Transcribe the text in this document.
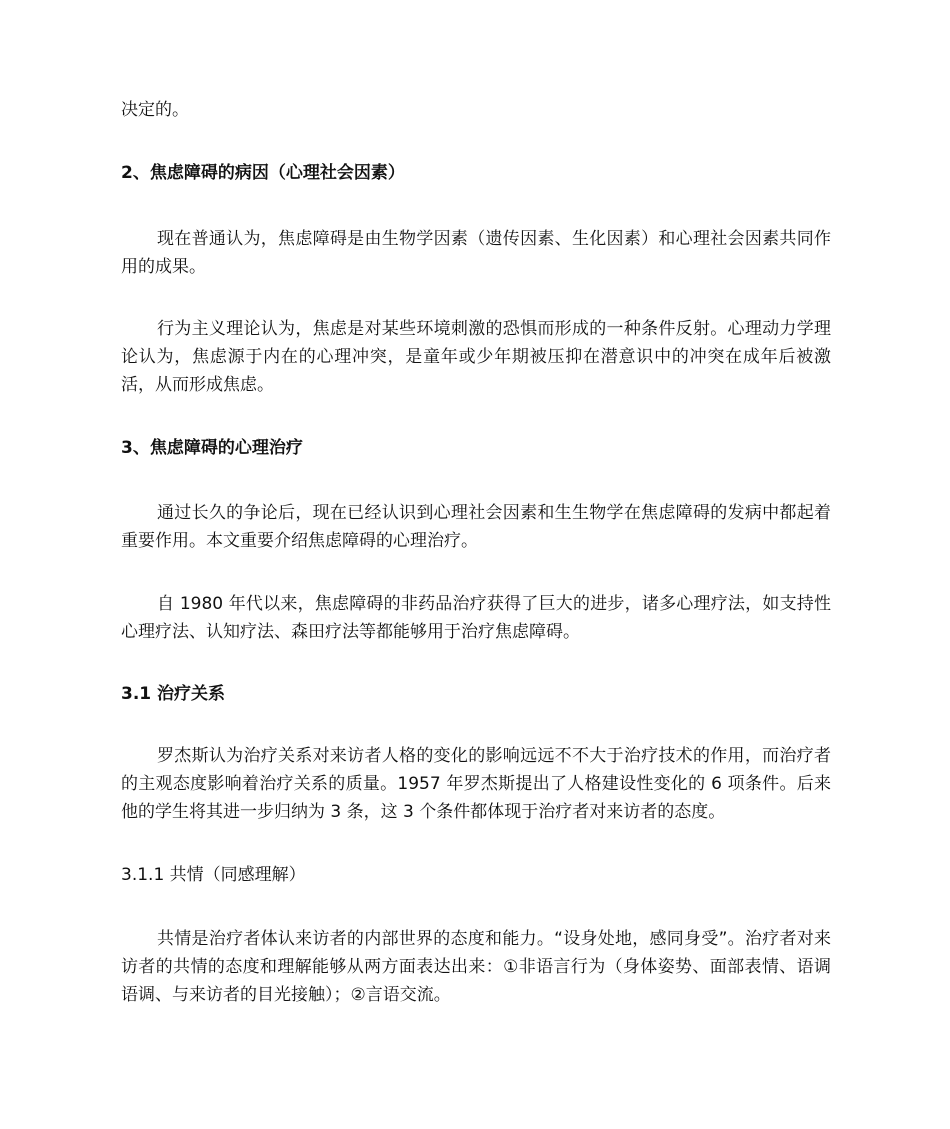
决定的。

2、焦虑障碍的病因（心理社会因素）

现在普通认为，焦虑障碍是由生物学因素（遗传因素、生化因素）和心理社会因素共同作用的成果。

行为主义理论认为，焦虑是对某些环境刺激的恐惧而形成的一种条件反射。心理动力学理论认为，焦虑源于内在的心理冲突，是童年或少年期被压抑在潜意识中的冲突在成年后被激活，从而形成焦虑。

3、焦虑障碍的心理治疗

通过长久的争论后，现在已经认识到心理社会因素和生生物学在焦虑障碍的发病中都起着重要作用。本文重要介绍焦虑障碍的心理治疗。

自 1980 年代以来，焦虑障碍的非药品治疗获得了巨大的进步，诸多心理疗法，如支持性心理疗法、认知疗法、森田疗法等都能够用于治疗焦虑障碍。

3.1 治疗关系

罗杰斯认为治疗关系对来访者人格的变化的影响远远不不大于治疗技术的作用，而治疗者的主观态度影响着治疗关系的质量。1957 年罗杰斯提出了人格建设性变化的 6 项条件。后来他的学生将其进一步归纳为 3 条，这 3 个条件都体现于治疗者对来访者的态度。

3.1.1 共情（同感理解）

共情是治疗者体认来访者的内部世界的态度和能力。“设身处地，感同身受”。治疗者对来访者的共情的态度和理解能够从两方面表达出来：①非语言行为（身体姿势、面部表情、语调语调、与来访者的目光接触）；②言语交流。
